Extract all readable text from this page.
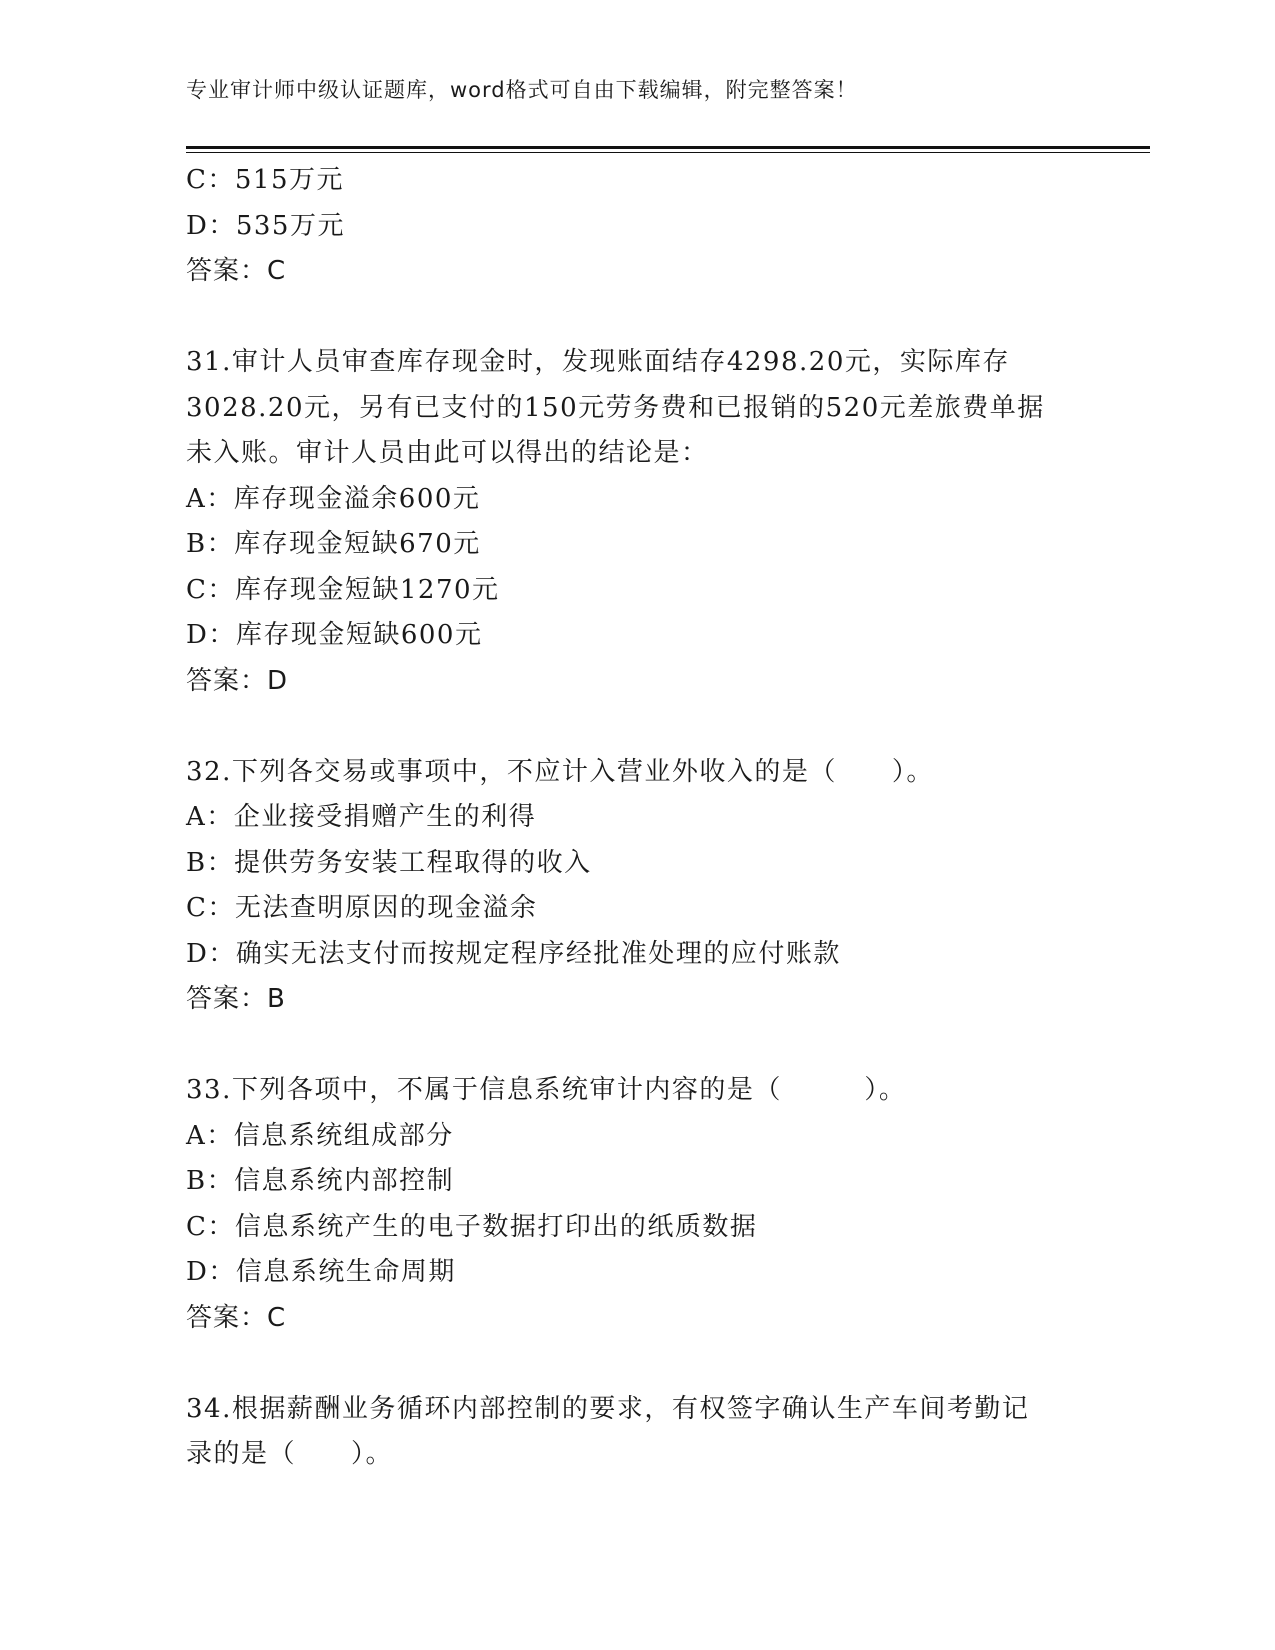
专业审计师中级认证题库，word格式可自由下载编辑，附完整答案！
C：515万元
D：535万元
答案：C
31.审计人员审查库存现金时，发现账面结存4298.20元，实际库存
3028.20元，另有已支付的150元劳务费和已报销的520元差旅费单据
未入账。审计人员由此可以得出的结论是：
A：库存现金溢余600元
B：库存现金短缺670元
C：库存现金短缺1270元
D：库存现金短缺600元
答案：D
32.下列各交易或事项中，不应计入营业外收入的是（　　）。
A：企业接受捐赠产生的利得
B：提供劳务安装工程取得的收入
C：无法查明原因的现金溢余
D：确实无法支付而按规定程序经批准处理的应付账款
答案：B
33.下列各项中，不属于信息系统审计内容的是（　　　）。
A：信息系统组成部分
B：信息系统内部控制
C：信息系统产生的电子数据打印出的纸质数据
D：信息系统生命周期
答案：C
34.根据薪酬业务循环内部控制的要求，有权签字确认生产车间考勤记
录的是（　　）。
